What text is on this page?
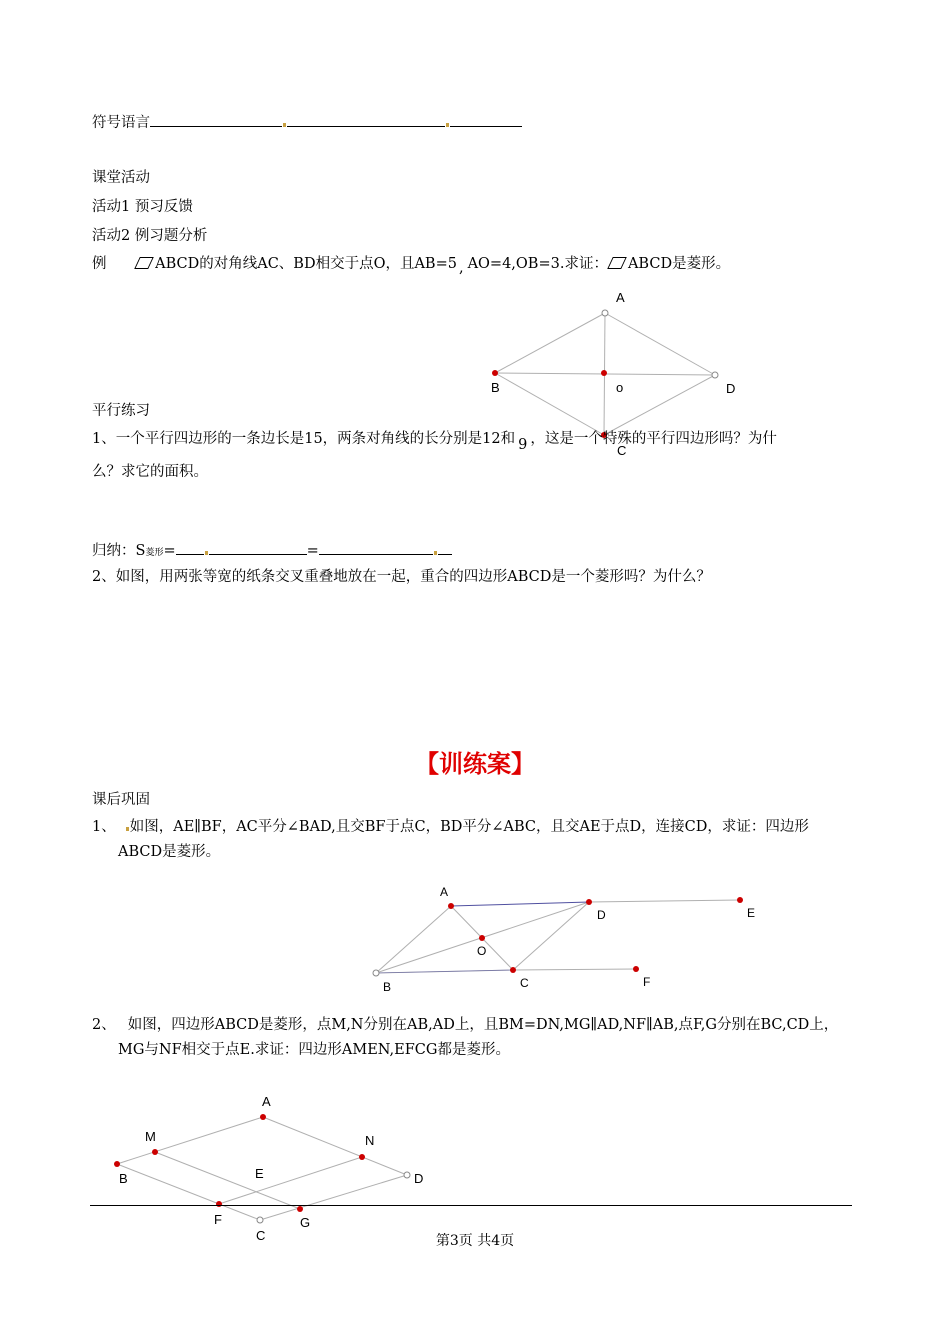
符号语言
课堂活动
活动1 预习反馈
活动2 例习题分析
例	ABCD的对角线AC、BD相交于点O，且AB=5 , AO=4,OB=3.求证： ABCD是菱形。
A
B	o	D
C
平行练习
1、一个平行四边形的一条边长是15，两条对角线的长分别是12和 9 ，这是一个特殊的平行四边形吗？为什
么？求它的面积。
归纳：S菱形=	=
2、如图，用两张等宽的纸条交叉重叠地放在一起，重合的四边形ABCD是一个菱形吗？为什么？
【训练案】
课后巩固
1、 如图，AE∥BF，AC平分∠BAD,且交BF于点C，BD平分∠ABC，且交AE于点D，连接CD，求证：四边形
ABCD是菱形。
A
D	E
O
B	C	F
2、 如图，四边形ABCD是菱形，点M,N分别在AB,AD上，且BM=DN,MG∥AD,NF∥AB,点F,G分别在BC,CD上，
MG与NF相交于点E.求证：四边形AMEN,EFCG都是菱形。
A
M	N
B	E	D
F	G
C	第3页 共4页
